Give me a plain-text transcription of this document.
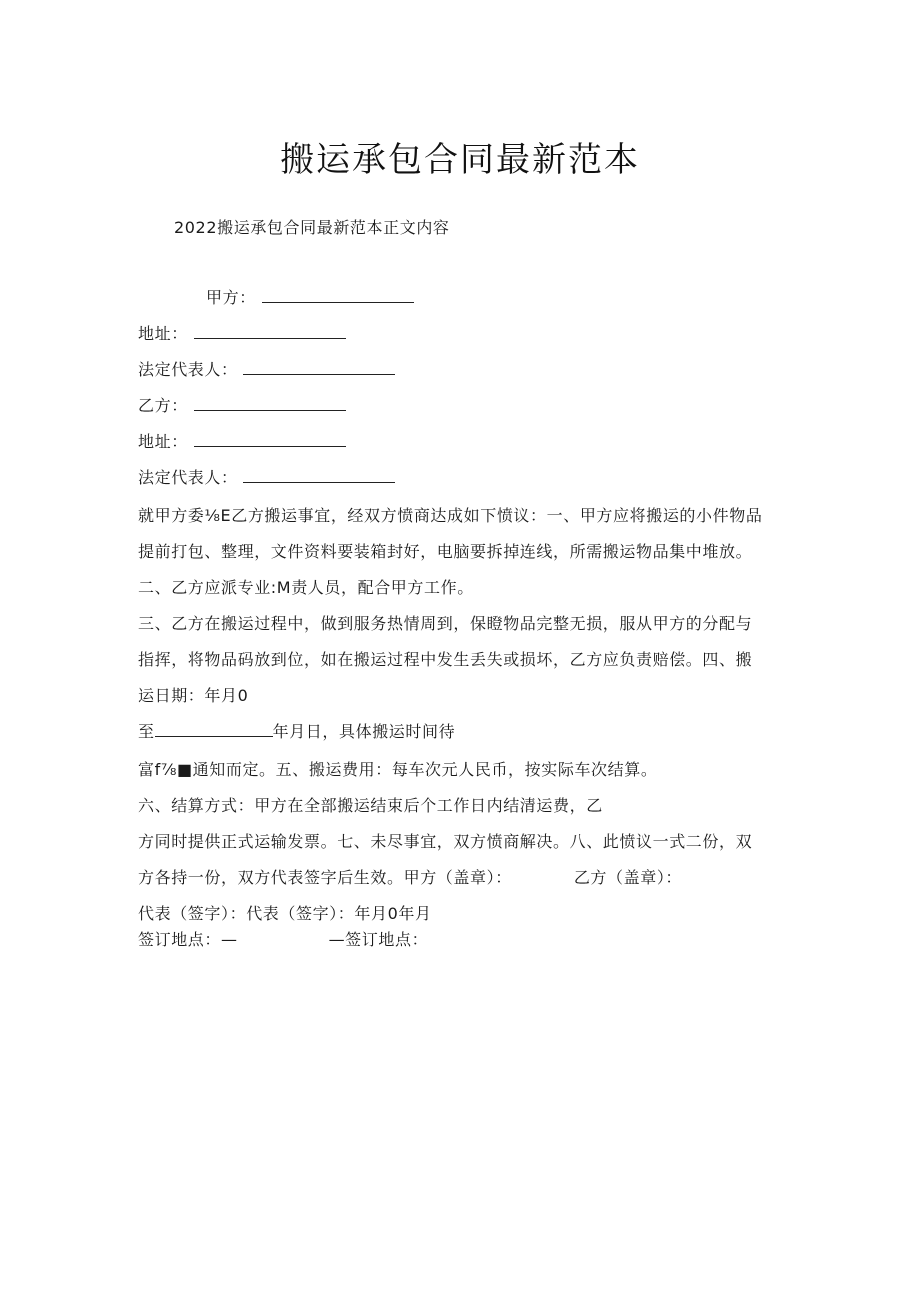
搬运承包合同最新范本
2022搬运承包合同最新范本正文内容
甲方：
地址：
法定代表人：
乙方：
地址：
法定代表人：
就甲方委⅛E乙方搬运事宜，经双方愤商达成如下愤议：一、甲方应将搬运的小件物品
提前打包、整理，文件资料要装箱封好，电脑要拆掉连线，所需搬运物品集中堆放。
二、乙方应派专业:M责人员，配合甲方工作。
三、乙方在搬运过程中，做到服务热情周到，保瞪物品完整无损，服从甲方的分配与
指挥，将物品码放到位，如在搬运过程中发生丢失或损坏，乙方应负责赔偿。四、搬
运日期：年月0
至	年月日，具体搬运时间待
富f⅞■通知而定。五、搬运费用：每车次元人民币，按实际车次结算。
六、结算方式：甲方在全部搬运结束后个工作日内结清运费，乙
方同时提供正式运输发票。七、未尽事宜，双方愤商解决。八、此愤议一式二份，双
方各持一份，双方代表签字后生效。甲方（盖章）：	乙方（盖章）：
代表（签字）：代表（签字）：年月0年月
签订地点：—                —签订地点：
